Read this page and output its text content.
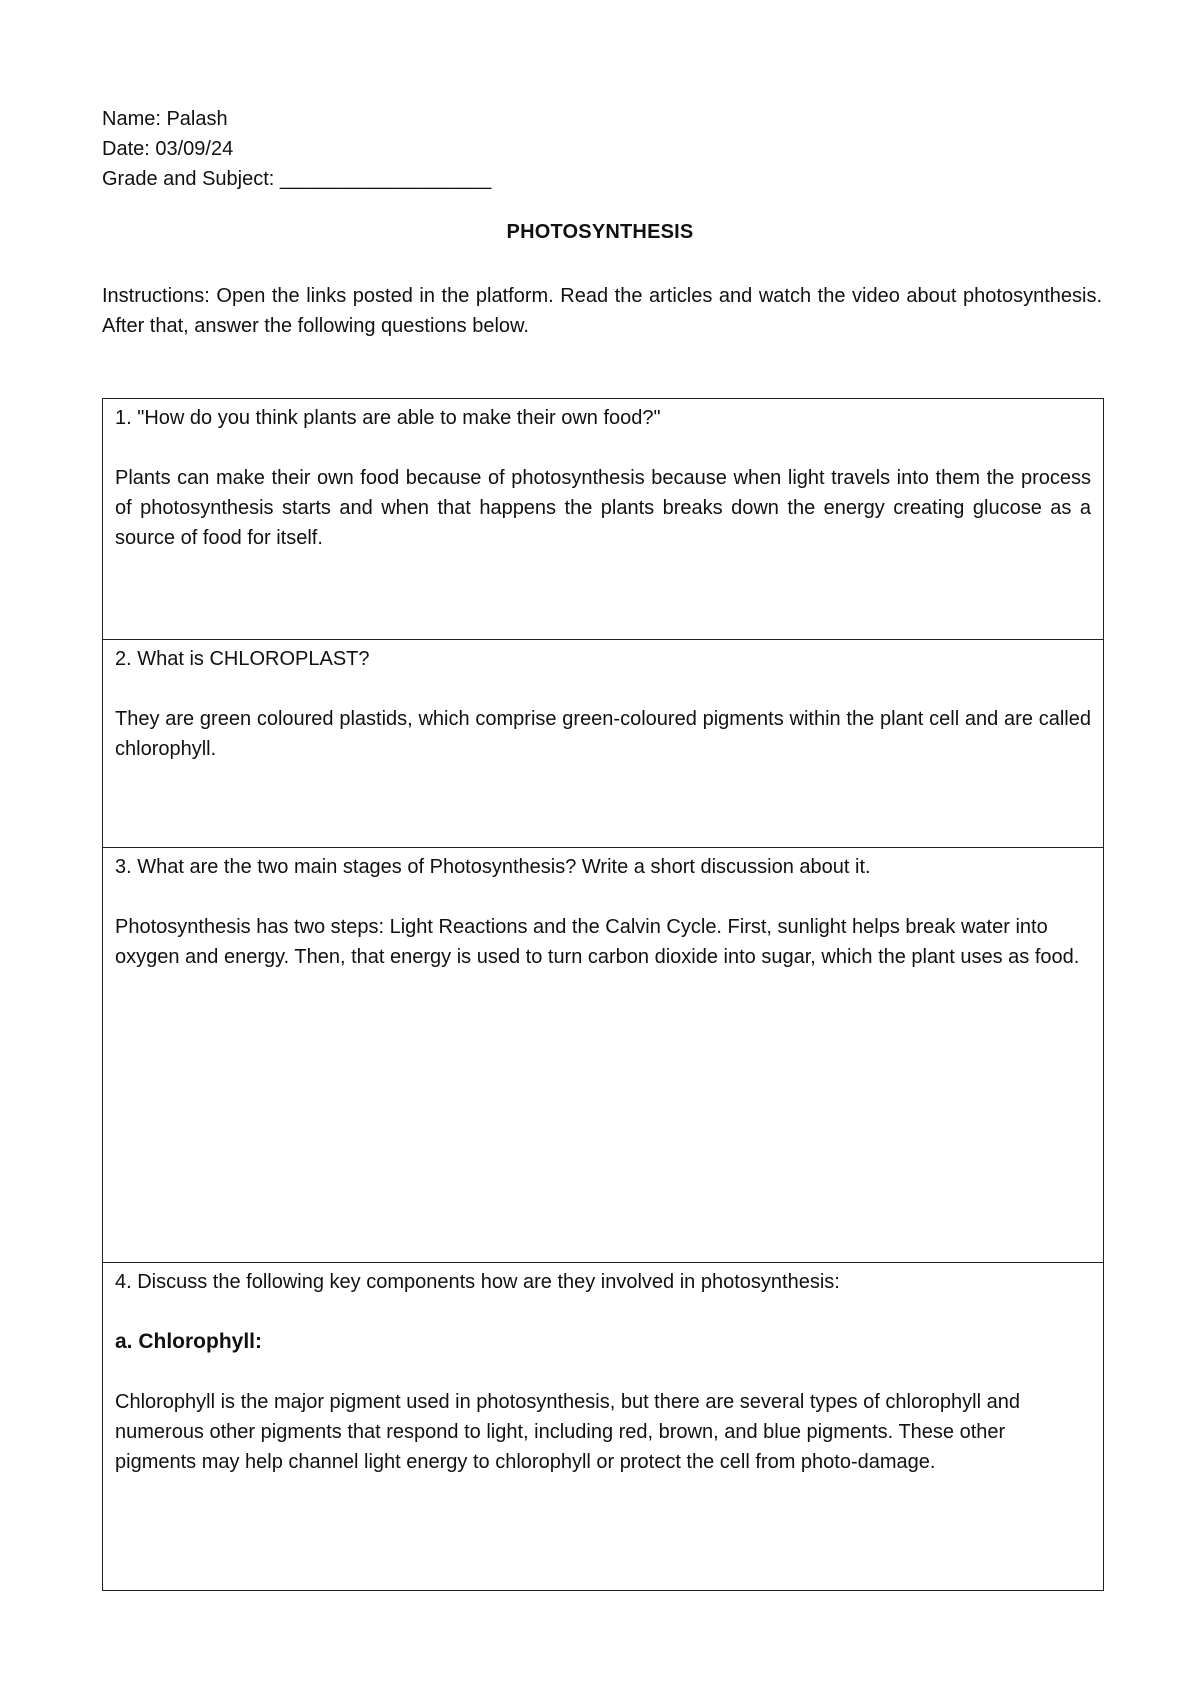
Name: Palash
Date: 03/09/24
Grade and Subject: ___________________
PHOTOSYNTHESIS
Instructions: Open the links posted in the platform. Read the articles and watch the video about photosynthesis. After that, answer the following questions below.
1. "How do you think plants are able to make their own food?"
Plants can make their own food because of photosynthesis because when light travels into them the process of photosynthesis starts and when that happens the plants breaks down the energy creating glucose as a source of food for itself.
2. What is CHLOROPLAST?
They are green coloured plastids, which comprise green-coloured pigments within the plant cell and are called chlorophyll.
3. What are the two main stages of Photosynthesis? Write a short discussion about it.
Photosynthesis has two steps: Light Reactions and the Calvin Cycle. First, sunlight helps break water into oxygen and energy. Then, that energy is used to turn carbon dioxide into sugar, which the plant uses as food.
4. Discuss the following key components how are they involved in photosynthesis:
a. Chlorophyll:
Chlorophyll is the major pigment used in photosynthesis, but there are several types of chlorophyll and numerous other pigments that respond to light, including red, brown, and blue pigments. These other pigments may help channel light energy to chlorophyll or protect the cell from photo-damage.
